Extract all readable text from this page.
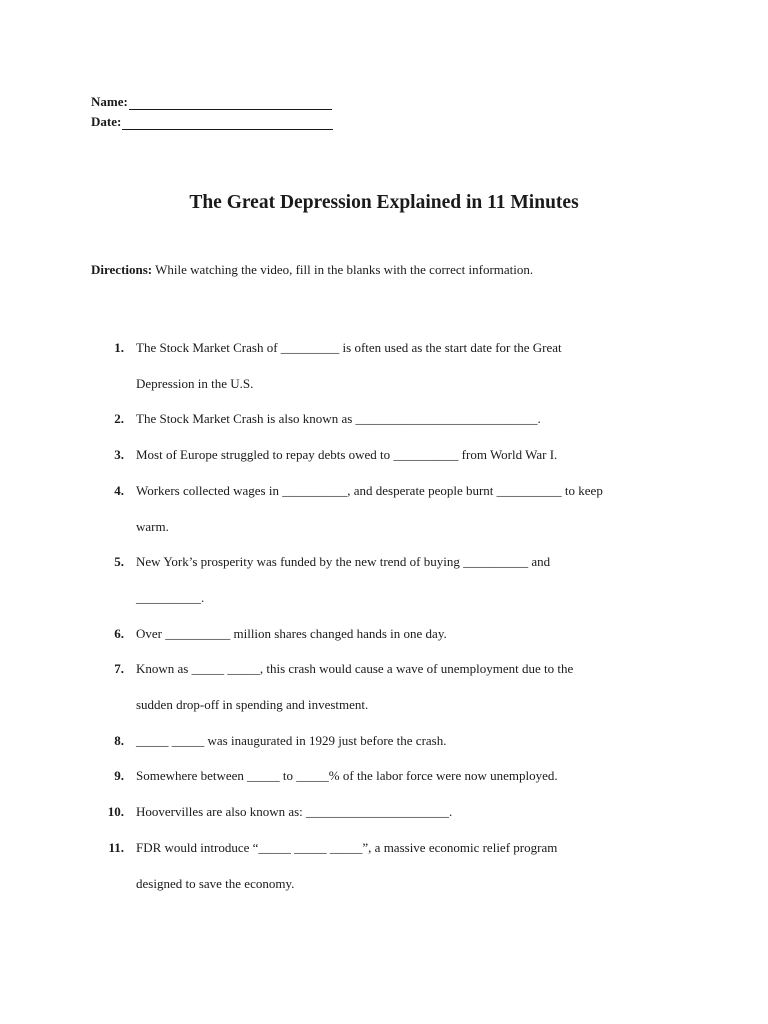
Name:
Date:
The Great Depression Explained in 11 Minutes
Directions: While watching the video, fill in the blanks with the correct information.
1. The Stock Market Crash of _________ is often used as the start date for the Great
Depression in the U.S.
2. The Stock Market Crash is also known as ____________________________.
3. Most of Europe struggled to repay debts owed to __________ from World War I.
4. Workers collected wages in __________, and desperate people burnt __________ to keep
warm.
5. New York’s prosperity was funded by the new trend of buying __________ and
__________.
6. Over __________ million shares changed hands in one day.
7. Known as _____ _____, this crash would cause a wave of unemployment due to the
sudden drop-off in spending and investment.
8. _____ _____ was inaugurated in 1929 just before the crash.
9. Somewhere between _____ to _____% of the labor force were now unemployed.
10. Hoovervilles are also known as: ______________________.
11. FDR would introduce “_____ _____ _____”, a massive economic relief program
designed to save the economy.
